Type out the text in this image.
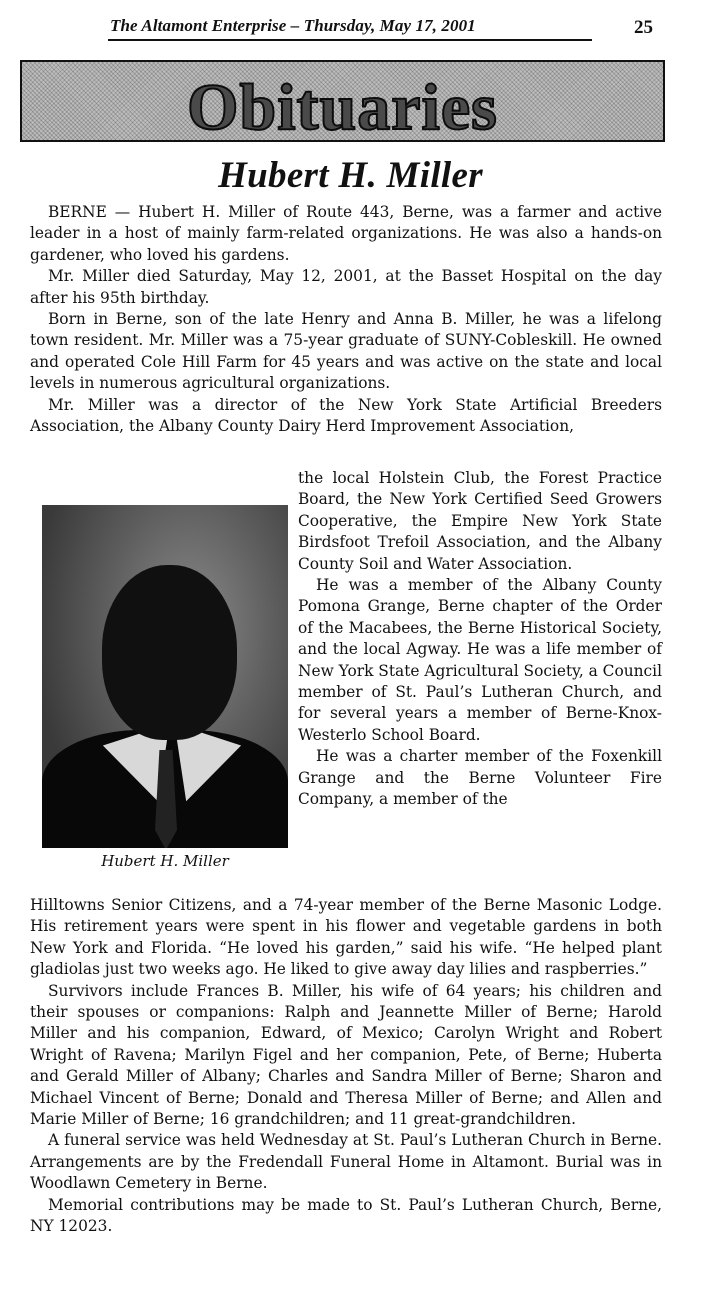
The Altamont Enterprise – Thursday, May 17, 2001	25
Obituaries
Hubert H. Miller

BERNE — Hubert H. Miller of Route 443, Berne, was a farmer and active leader in a host of mainly farm-related organizations. He was also a hands-on gardener, who loved his gardens.

Mr. Miller died Saturday, May 12, 2001, at the Basset Hospital on the day after his 95th birthday.

Born in Berne, son of the late Henry and Anna B. Miller, he was a lifelong town resident. Mr. Miller was a 75-year graduate of SUNY-Cobleskill. He owned and operated Cole Hill Farm for 45 years and was active on the state and local levels in numerous agricultural organizations.

Mr. Miller was a director of the New York State Artificial Breeders Association, the Albany County Dairy Herd Improvement Association,

Hubert H. Miller

the local Holstein Club, the Forest Practice Board, the New York Certified Seed Growers Cooperative, the Empire New York State Birdsfoot Trefoil Association, and the Albany County Soil and Water Association.

He was a member of the Albany County Pomona Grange, Berne chapter of the Order of the Macabees, the Berne Historical Society, and the local Agway. He was a life member of New York State Agricultural Society, a Council member of St. Paul’s Lutheran Church, and for several years a member of Berne-Knox-Westerlo School Board.

He was a charter member of the Foxenkill Grange and the Berne Volunteer Fire Company, a member of the

Hilltowns Senior Citizens, and a 74-year member of the Berne Masonic Lodge. His retirement years were spent in his flower and vegetable gardens in both New York and Florida. “He loved his garden,” said his wife. “He helped plant gladiolas just two weeks ago. He liked to give away day lilies and raspberries.”

Survivors include Frances B. Miller, his wife of 64 years; his children and their spouses or companions: Ralph and Jeannette Miller of Berne; Harold Miller and his companion, Edward, of Mexico; Carolyn Wright and Robert Wright of Ravena; Marilyn Figel and her companion, Pete, of Berne; Huberta and Gerald Miller of Albany; Charles and Sandra Miller of Berne; Sharon and Michael Vincent of Berne; Donald and Theresa Miller of Berne; and Allen and Marie Miller of Berne; 16 grandchildren; and 11 great-grandchildren.

A funeral service was held Wednesday at St. Paul’s Lutheran Church in Berne. Arrangements are by the Fredendall Funeral Home in Altamont. Burial was in Woodlawn Cemetery in Berne.

Memorial contributions may be made to St. Paul’s Lutheran Church, Berne, NY 12023.
